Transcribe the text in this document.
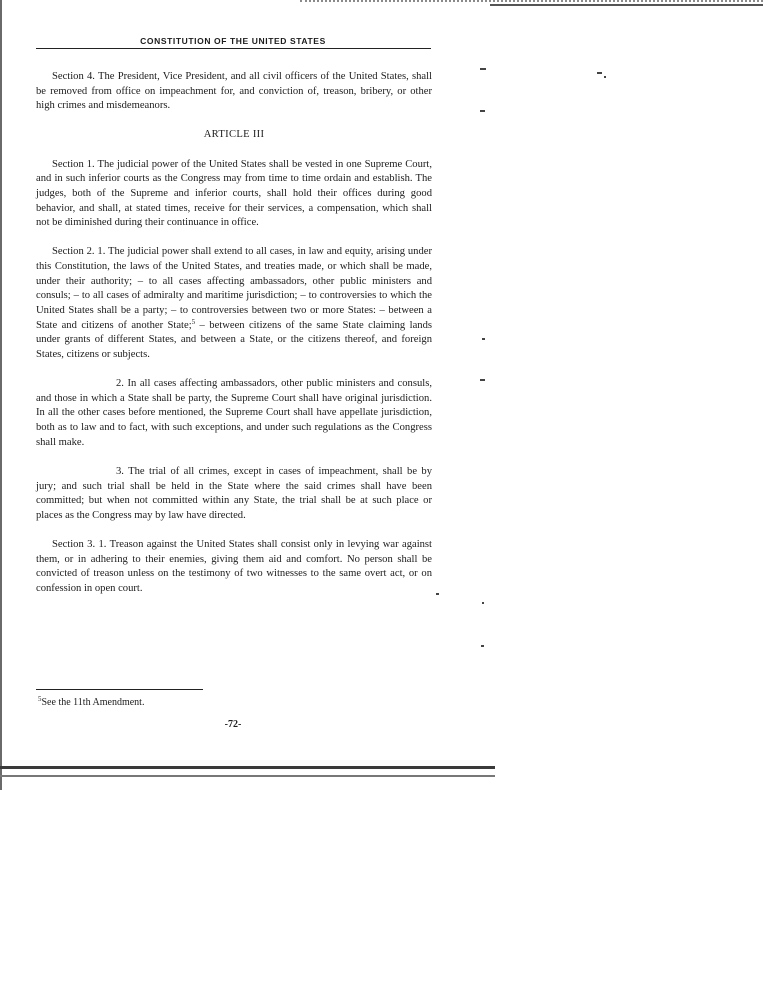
CONSTITUTION OF THE UNITED STATES

Section 4. The President, Vice President, and all civil officers of the United States, shall be removed from office on impeachment for, and conviction of, treason, bribery, or other high crimes and misdemeanors.

ARTICLE III

Section 1. The judicial power of the United States shall be vested in one Supreme Court, and in such inferior courts as the Congress may from time to time ordain and establish. The judges, both of the Supreme and inferior courts, shall hold their offices during good behavior, and shall, at stated times, receive for their services, a compensation, which shall not be diminished during their continuance in office.

Section 2. 1. The judicial power shall extend to all cases, in law and equity, arising under this Constitution, the laws of the United States, and treaties made, or which shall be made, under their authority; – to all cases affecting ambassadors, other public ministers and consuls; – to all cases of admiralty and maritime jurisdiction; – to controversies to which the United States shall be a party; – to controversies between two or more States: – between a State and citizens of another State;$^5$ – between citizens of the same State claiming lands under grants of different States, and between a State, or the citizens thereof, and foreign States, citizens or subjects.

2. In all cases affecting ambassadors, other public ministers and consuls, and those in which a State shall be party, the Supreme Court shall have original jurisdiction. In all the other cases before mentioned, the Supreme Court shall have appellate jurisdiction, both as to law and to fact, with such exceptions, and under such regulations as the Congress shall make.

3. The trial of all crimes, except in cases of impeachment, shall be by jury; and such trial shall be held in the State where the said crimes shall have been committed; but when not committed within any State, the trial shall be at such place or places as the Congress may by law have directed.

Section 3. 1. Treason against the United States shall consist only in levying war against them, or in adhering to their enemies, giving them aid and comfort. No person shall be convicted of treason unless on the testimony of two witnesses to the same overt act, or on confession in open court.

$^5$See the 11th Amendment.
-72-
